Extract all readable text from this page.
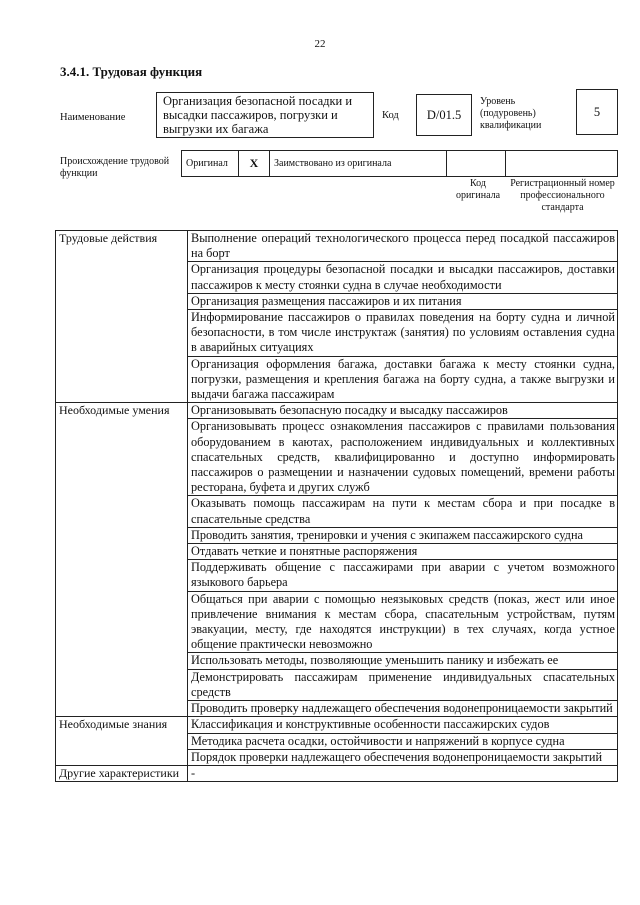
22
3.4.1. Трудовая функция
Наименование
Организация безопасной посадки и высадки пассажиров, погрузки и выгрузки их багажа
Код	D/01.5
Уровень (подуровень) квалификации
5
Происхождение трудовой функции
Оригинал	X	Заимствовано из оригинала		
Код оригинала
Регистрационный номер профессионального стандарта
Трудовые действия	Выполнение операций технологического процесса перед посадкой пассажиров на борт
	Организация процедуры безопасной посадки и высадки пассажиров, доставки пассажиров к месту стоянки судна в случае необходимости
	Организация размещения пассажиров и их питания
	Информирование пассажиров о правилах поведения на борту судна и личной безопасности, в том числе инструктаж (занятия) по условиям оставления судна в аварийных ситуациях
	Организация оформления багажа, доставки багажа к месту стоянки судна, погрузки, размещения и крепления багажа на борту судна, а также выгрузки и выдачи багажа пассажирам
Необходимые умения	Организовывать безопасную посадку и высадку пассажиров
	Организовывать процесс ознакомления пассажиров с правилами пользования оборудованием в каютах, расположением индивидуальных и коллективных спасательных средств, квалифицированно и доступно информировать пассажиров о размещении и назначении судовых помещений, времени работы ресторана, буфета и других служб
	Оказывать помощь пассажирам на пути к местам сбора и при посадке в спасательные средства
	Проводить занятия, тренировки и учения с экипажем пассажирского судна
	Отдавать четкие и понятные распоряжения
	Поддерживать общение с пассажирами при аварии с учетом возможного языкового барьера
	Общаться при аварии с помощью неязыковых средств (показ, жест или иное привлечение внимания к местам сбора, спасательным устройствам, путям эвакуации, месту, где находятся инструкции) в тех случаях, когда устное общение практически невозможно
	Использовать методы, позволяющие уменьшить панику и избежать ее
	Демонстрировать пассажирам применение индивидуальных спасательных средств
	Проводить проверку надлежащего обеспечения водонепроницаемости закрытий
Необходимые знания	Классификация и конструктивные особенности пассажирских судов
	Методика расчета осадки, остойчивости и напряжений в корпусе судна
	Порядок проверки надлежащего обеспечения водонепроницаемости закрытий
Другие характеристики	-
